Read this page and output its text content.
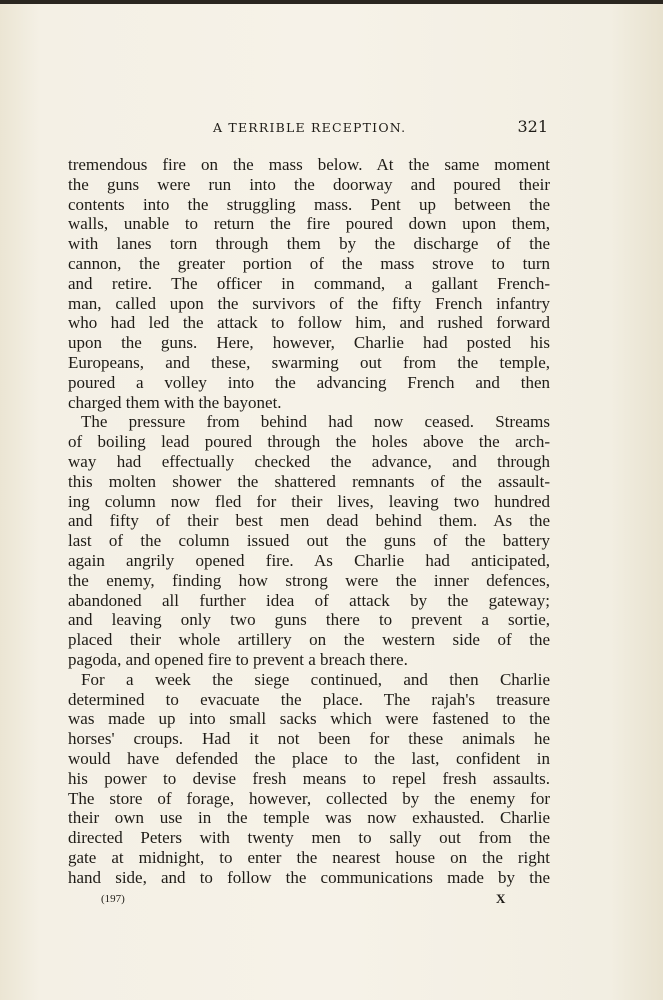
A TERRIBLE RECEPTION.	321
tremendous fire on the mass below. At the same moment
the guns were run into the doorway and poured their
contents into the struggling mass. Pent up between the
walls, unable to return the fire poured down upon them,
with lanes torn through them by the discharge of the
cannon, the greater portion of the mass strove to turn
and retire. The officer in command, a gallant French-
man, called upon the survivors of the fifty French infantry
who had led the attack to follow him, and rushed forward
upon the guns. Here, however, Charlie had posted his
Europeans, and these, swarming out from the temple,
poured a volley into the advancing French and then
charged them with the bayonet.
The pressure from behind had now ceased. Streams
of boiling lead poured through the holes above the arch-
way had effectually checked the advance, and through
this molten shower the shattered remnants of the assault-
ing column now fled for their lives, leaving two hundred
and fifty of their best men dead behind them. As the
last of the column issued out the guns of the battery
again angrily opened fire. As Charlie had anticipated,
the enemy, finding how strong were the inner defences,
abandoned all further idea of attack by the gateway;
and leaving only two guns there to prevent a sortie,
placed their whole artillery on the western side of the
pagoda, and opened fire to prevent a breach there.
For a week the siege continued, and then Charlie
determined to evacuate the place. The rajah's treasure
was made up into small sacks which were fastened to the
horses' croups. Had it not been for these animals he
would have defended the place to the last, confident in
his power to devise fresh means to repel fresh assaults.
The store of forage, however, collected by the enemy for
their own use in the temple was now exhausted. Charlie
directed Peters with twenty men to sally out from the
gate at midnight, to enter the nearest house on the right
hand side, and to follow the communications made by the
(197)	X
